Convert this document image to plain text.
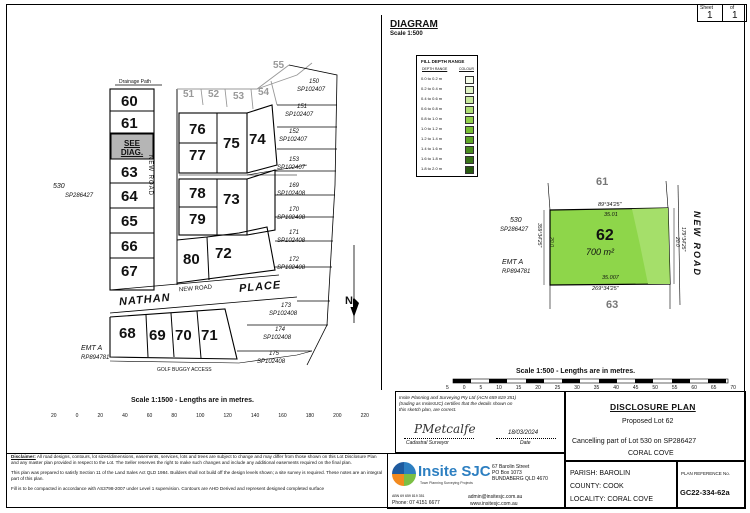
Sheet
1
of
1
Drainage Path
60
61
SEE DIAG.
63
64
65
66
67
51 52 53 54
55
NEW ROAD
76
77
75 74
78 73
79
80 72
NATHAN
NEW ROAD PLACE
68 69 70 71
530
SP286427
EMT A
RP894781
GOLF BUGGY ACCESS
150
SP102407
151
SP102407
152
SP102407
153
SP102407
169
SP102408
170
SP102408
171
SP102408
172
SP102408
173
SP102408
174
SP102408
175
SP102408
N
Scale 1:1500 - Lengths are in metres.
20	0	20	40	60	80	100	120	140	160	180	200	220
DIAGRAM
Scale 1:500
FILL DEPTH RANGE
DEPTH RANGE	COLOUR
0.0 to 0.2 m
0.2 to 0.4 m
0.4 to 0.6 m
0.6 to 0.8 m
0.8 to 1.0 m
1.0 to 1.2 m
1.2 to 1.4 m
1.4 to 1.6 m
1.6 to 1.8 m
1.8 to 2.0 m
61
62
700 m²
63
NEW ROAD
89°34'25"
35.01
35.007
269°34'25"
359°34'25" 20.0	179°34'25"
20.0
530
SP286427
EMT A
RP894781
Scale 1:500 - Lengths are in metres.
5	0	5	10	15	20	25	30	35	40	45	50	55	60	65	70
Insite Planning and Surveying Pty Ltd (ACN 659 819 351)
(trading as InsiteSJC) certifies that the details shown on
this sketch plan, are correct.
PMetcalfe
Cadastral Surveyor
18/03/2024
Date
DISCLOSURE PLAN
Proposed Lot 62
Cancelling part of Lot 530 on SP286427
CORAL COVE
Disclaimer: All road designs, contours, lot sizes/dimensions, easements, services, lots and trees are subject to change and may differ from those shown on this Lot Disclosure Plan and any master plan provided in respect to the Lot. The Seller reserves the right to make such changes and include any additional easements required on the final plan.
This plan was prepared to satisfy Section 11 of the Land Sales Act QLD 1984. Builders shall not build off the design levels shown; a site survey is required. These notes are an integral part of this plan.
Fill is to be compacted in accordance with AS3798-2007 under Level 1 supervision. Contours are AHD Derived and represent designed completed surface
Insite SJC
Town Planning Surveying Projects
ABN 69 659 819 351
Phone: 07 4151 6677
67 Barolin Street
PO Box 1073
BUNDABERG QLD 4670
admin@insitesjc.com.au
www.insitesjc.com.au
PARISH: BAROLIN
COUNTY: COOK
LOCALITY: CORAL COVE
PLAN REFERENCE No.
GC22-334-62a
